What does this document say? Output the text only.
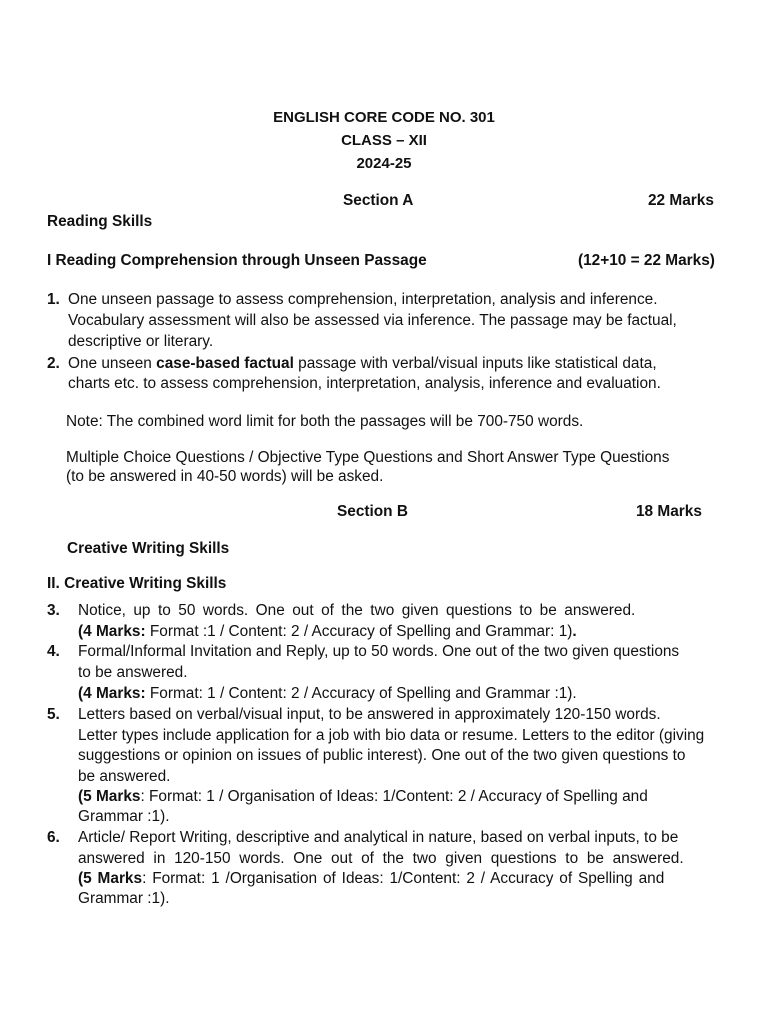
ENGLISH CORE CODE NO. 301
CLASS – XII
2024-25
Section A	22 Marks
Reading Skills
I Reading Comprehension through Unseen Passage	(12+10 = 22 Marks)
1. One unseen passage to assess comprehension, interpretation, analysis and inference.
Vocabulary assessment will also be assessed via inference. The passage may be factual,
descriptive or literary.
2. One unseen case-based factual passage with verbal/visual inputs like statistical data,
charts etc. to assess comprehension, interpretation, analysis, inference and evaluation.
Note: The combined word limit for both the passages will be 700-750 words.
Multiple Choice Questions / Objective Type Questions and Short Answer Type Questions
(to be answered in 40-50 words) will be asked.
Section B	18 Marks
Creative Writing Skills
II. Creative Writing Skills
3. Notice, up to 50 words. One out of the two given questions to be answered.
(4 Marks: Format :1 / Content: 2 / Accuracy of Spelling and Grammar: 1).
4. Formal/Informal Invitation and Reply, up to 50 words. One out of the two given questions
to be answered.
(4 Marks: Format: 1 / Content: 2 / Accuracy of Spelling and Grammar :1).
5. Letters based on verbal/visual input, to be answered in approximately 120-150 words.
Letter types include application for a job with bio data or resume. Letters to the editor (giving
suggestions or opinion on issues of public interest). One out of the two given questions to
be answered.
(5 Marks: Format: 1 / Organisation of Ideas: 1/Content: 2 / Accuracy of Spelling and
Grammar :1).
6. Article/ Report Writing, descriptive and analytical in nature, based on verbal inputs, to be
answered in 120-150 words. One out of the two given questions to be answered.
(5 Marks: Format: 1 /Organisation of Ideas: 1/Content: 2 / Accuracy of Spelling and
Grammar :1).
